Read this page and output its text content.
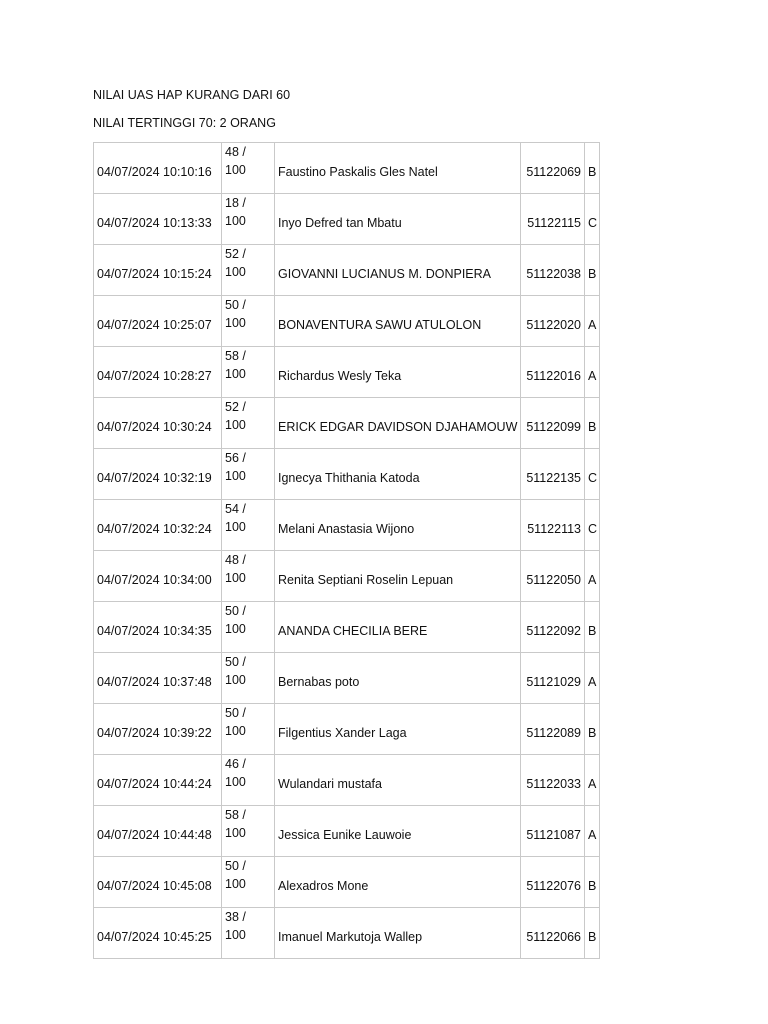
NILAI UAS HAP KURANG DARI 60

NILAI TERTINGGI 70: 2 ORANG

04/07/2024 10:10:16	48 /
100	Faustino Paskalis Gles Natel	51122069	B
04/07/2024 10:13:33	18 /
100	Inyo Defred tan Mbatu	51122115	C
04/07/2024 10:15:24	52 /
100	GIOVANNI LUCIANUS M. DONPIERA	51122038	B
04/07/2024 10:25:07	50 /
100	BONAVENTURA SAWU ATULOLON	51122020	A
04/07/2024 10:28:27	58 /
100	Richardus Wesly Teka	51122016	A
04/07/2024 10:30:24	52 /
100	ERICK EDGAR DAVIDSON DJAHAMOUW	51122099	B
04/07/2024 10:32:19	56 /
100	Ignecya Thithania Katoda	51122135	C
04/07/2024 10:32:24	54 /
100	Melani Anastasia Wijono	51122113	C
04/07/2024 10:34:00	48 /
100	Renita Septiani Roselin Lepuan	51122050	A
04/07/2024 10:34:35	50 /
100	ANANDA CHECILIA BERE	51122092	B
04/07/2024 10:37:48	50 /
100	Bernabas poto	51121029	A
04/07/2024 10:39:22	50 /
100	Filgentius Xander Laga	51122089	B
04/07/2024 10:44:24	46 /
100	Wulandari mustafa	51122033	A
04/07/2024 10:44:48	58 /
100	Jessica Eunike Lauwoie	51121087	A
04/07/2024 10:45:08	50 /
100	Alexadros Mone	51122076	B
04/07/2024 10:45:25	38 /
100	Imanuel Markutoja Wallep	51122066	B
